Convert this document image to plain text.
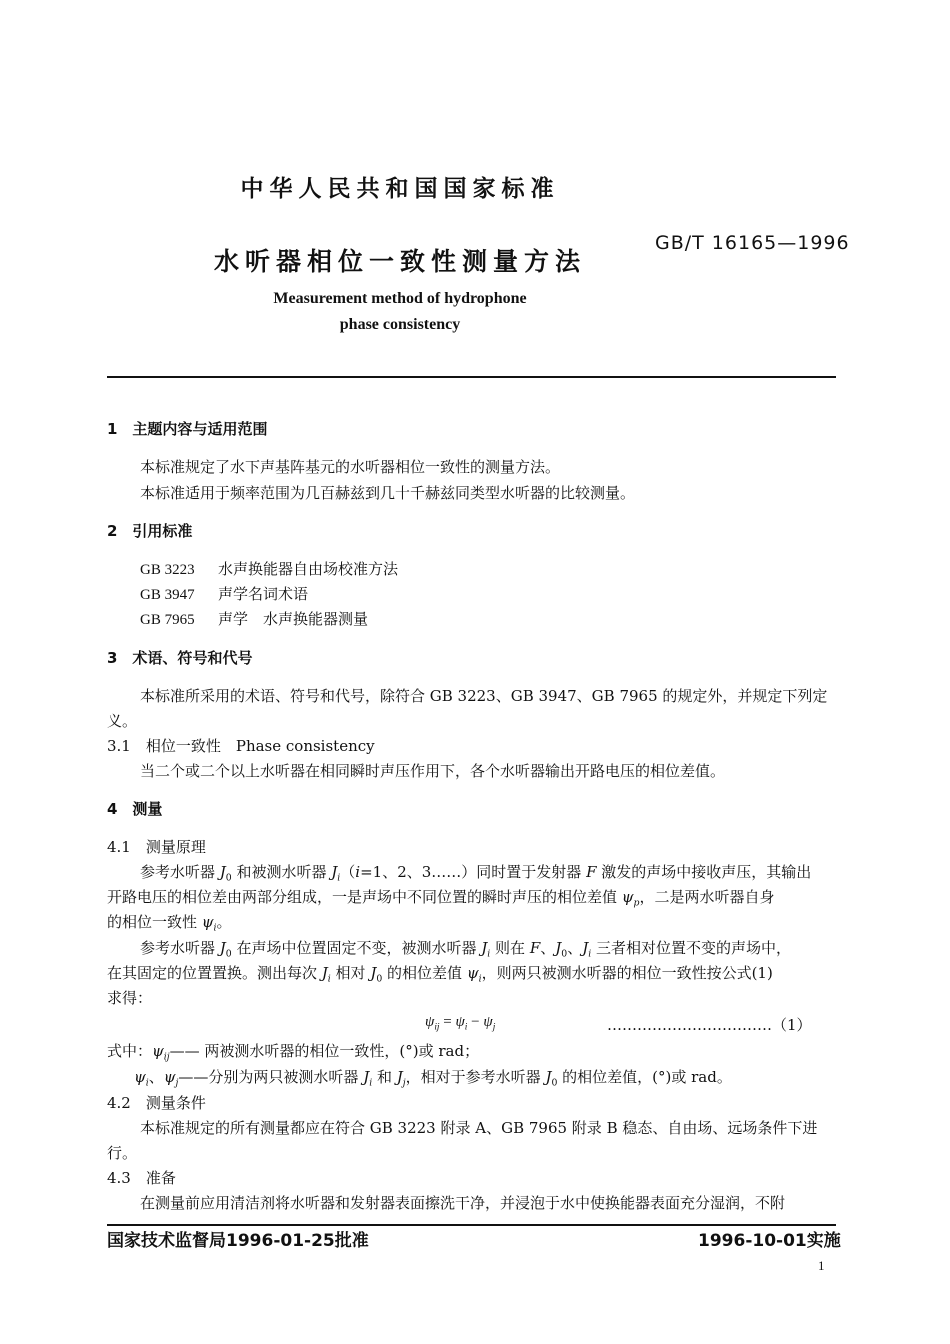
中华人民共和国国家标准
GB/T 16165—1996
水听器相位一致性测量方法
Measurement method of hydrophone
phase consistency
1　主题内容与适用范围
本标准规定了水下声基阵基元的水听器相位一致性的测量方法。
本标准适用于频率范围为几百赫兹到几十千赫兹同类型水听器的比较测量。
2　引用标准
GB 3223 水声换能器自由场校准方法
GB 3947 声学名词术语
GB 7965 声学　水声换能器测量
3　术语、符号和代号
本标准所采用的术语、符号和代号，除符合 GB 3223、GB 3947、GB 7965 的规定外，并规定下列定
义。
3.1　相位一致性　Phase consistency
当二个或二个以上水听器在相同瞬时声压作用下，各个水听器输出开路电压的相位差值。
4　测量
4.1　测量原理
参考水听器 $J_0$ 和被测水听器 $J_i(i=1$、2、3……）同时置于发射器 F 激发的声场中接收声压，其输出
开路电压的相位差由两部分组成，一是声场中不同位置的瞬时声压的相位差值 $\psi_p$，二是两水听器自身
的相位一致性 $\psi_i$。
参考水听器 $J_0$ 在声场中位置固定不变，被测水听器 $J_i$ 则在 F、$J_0$、$J_i$ 三者相对位置不变的声场中，
在其固定的位置置换。测出每次 $J_i$ 相对 $J_0$ 的相位差值 $\psi_i$，则两只被测水听器的相位一致性按公式(1)
求得：
$\psi_{ij} = \psi_i - \psi_j$	……………………………（1）
式中：$\psi_{ij}——$ 两被测水听器的相位一致性，(°)或 rad；
$\psi_i$、$\psi_j——$分别为两只被测水听器 $J_i$ 和 $J_j$，相对于参考水听器 $J_0$ 的相位差值，(°)或 rad。
4.2　测量条件
本标准规定的所有测量都应在符合 GB 3223 附录 A、GB 7965 附录 B 稳态、自由场、远场条件下进
行。
4.3　准备
在测量前应用清洁剂将水听器和发射器表面擦洗干净，并浸泡于水中使换能器表面充分湿润，不附
国家技术监督局1996-01-25批准	1996-10-01实施
1
